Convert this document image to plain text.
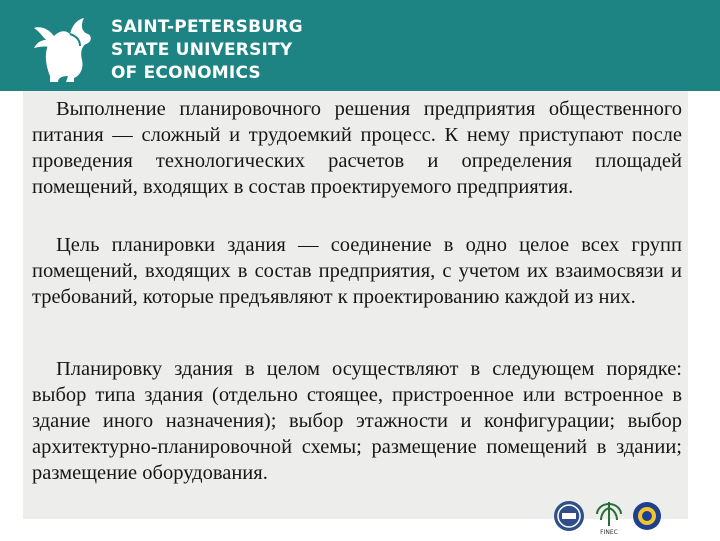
SAINT-PETERSBURG
STATE UNIVERSITY
OF ECONOMICS

Выполнение планировочного решения предприятия общественного питания — сложный и трудоемкий процесс. К нему приступают после проведения технологических расчетов и определения площадей помещений, входящих в состав проектируемого предприятия.

Цель планировки здания — соединение в одно целое всех групп помещений, входящих в состав предприятия, с учетом их взаимосвязи и требований, которые предъявляют к проектированию каждой из них.

Планировку здания в целом осуществляют в следующем порядке: выбор типа здания (отдельно стоящее, пристроенное или встроенное в здание иного назначения); выбор этажности и конфигурации; выбор архитектурно-планировочной схемы; размещение помещений в здании; размещение оборудования.

FINEC
